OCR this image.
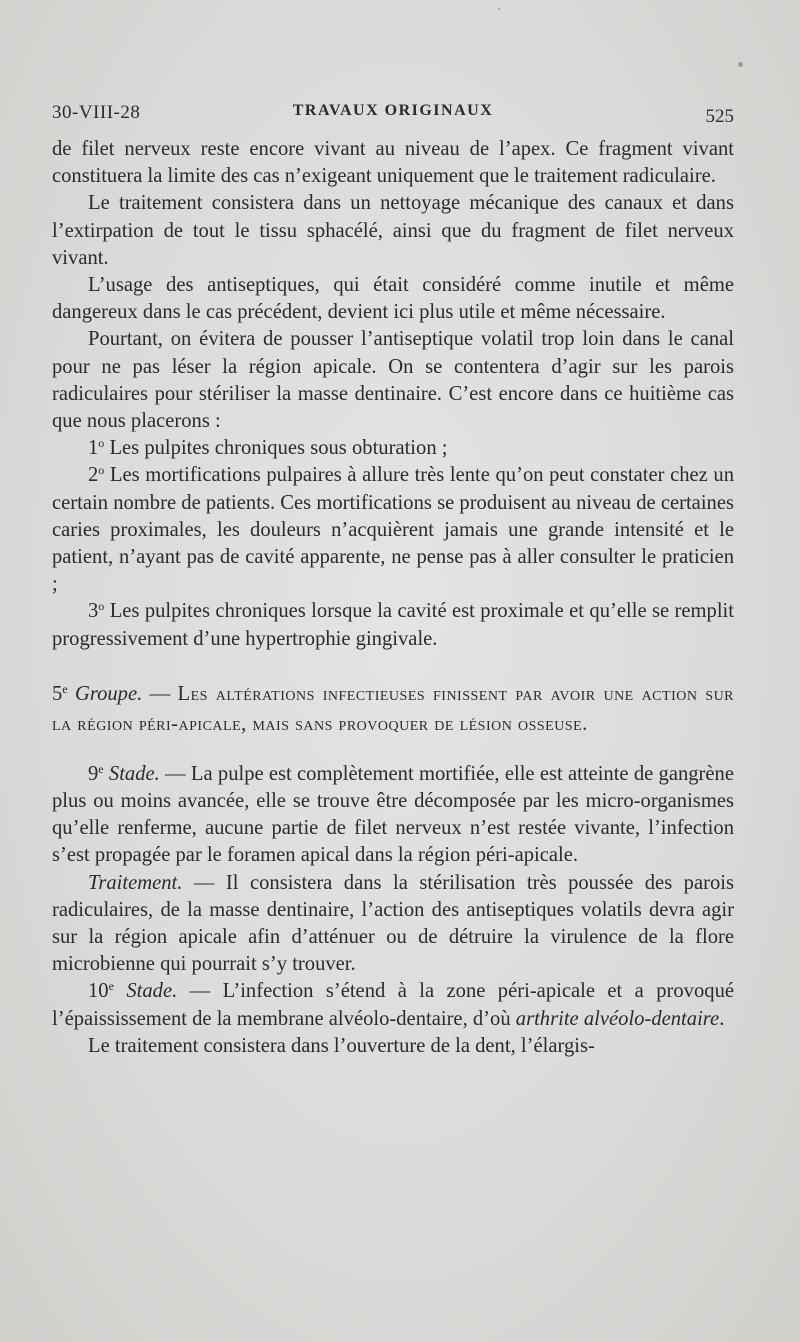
30-VIII-28	TRAVAUX ORIGINAUX	525

de filet nerveux reste encore vivant au niveau de l’apex. Ce fragment vivant constituera la limite des cas n’exigeant uniquement que le traitement radiculaire.

Le traitement consistera dans un nettoyage mécanique des canaux et dans l’extirpation de tout le tissu sphacélé, ainsi que du fragment de filet nerveux vivant.

L’usage des antiseptiques, qui était considéré comme inutile et même dangereux dans le cas précédent, devient ici plus utile et même nécessaire.

Pourtant, on évitera de pousser l’antiseptique volatil trop loin dans le canal pour ne pas léser la région apicale. On se contentera d’agir sur les parois radiculaires pour stériliser la masse dentinaire. C’est encore dans ce huitième cas que nous placerons :

1$^o$ Les pulpites chroniques sous obturation ;

2$^o$ Les mortifications pulpaires à allure très lente qu’on peut constater chez un certain nombre de patients. Ces mortifications se produisent au niveau de certaines caries proximales, les douleurs n’acquièrent jamais une grande intensité et le patient, n’ayant pas de cavité apparente, ne pense pas à aller consulter le praticien ;

3$^o$ Les pulpites chroniques lorsque la cavité est proximale et qu’elle se remplit progressivement d’une hypertrophie gingivale.

5e Groupe. — Les altérations infectieuses finissent par avoir une action sur la région péri-apicale, mais sans provoquer de lésion osseuse.

9e Stade. — La pulpe est complètement mortifiée, elle est atteinte de gangrène plus ou moins avancée, elle se trouve être décomposée par les micro-organismes qu’elle renferme, aucune partie de filet nerveux n’est restée vivante, l’infection s’est propagée par le foramen apical dans la région péri-apicale.

Traitement. — Il consistera dans la stérilisation très poussée des parois radiculaires, de la masse dentinaire, l’action des antiseptiques volatils devra agir sur la région apicale afin d’atténuer ou de détruire la virulence de la flore microbienne qui pourrait s’y trouver.

10e Stade. — L’infection s’étend à la zone péri-apicale et a provoqué l’épaississement de la membrane alvéolo-dentaire, d’où arthrite alvéolo-dentaire.

Le traitement consistera dans l’ouverture de la dent, l’élargis-
